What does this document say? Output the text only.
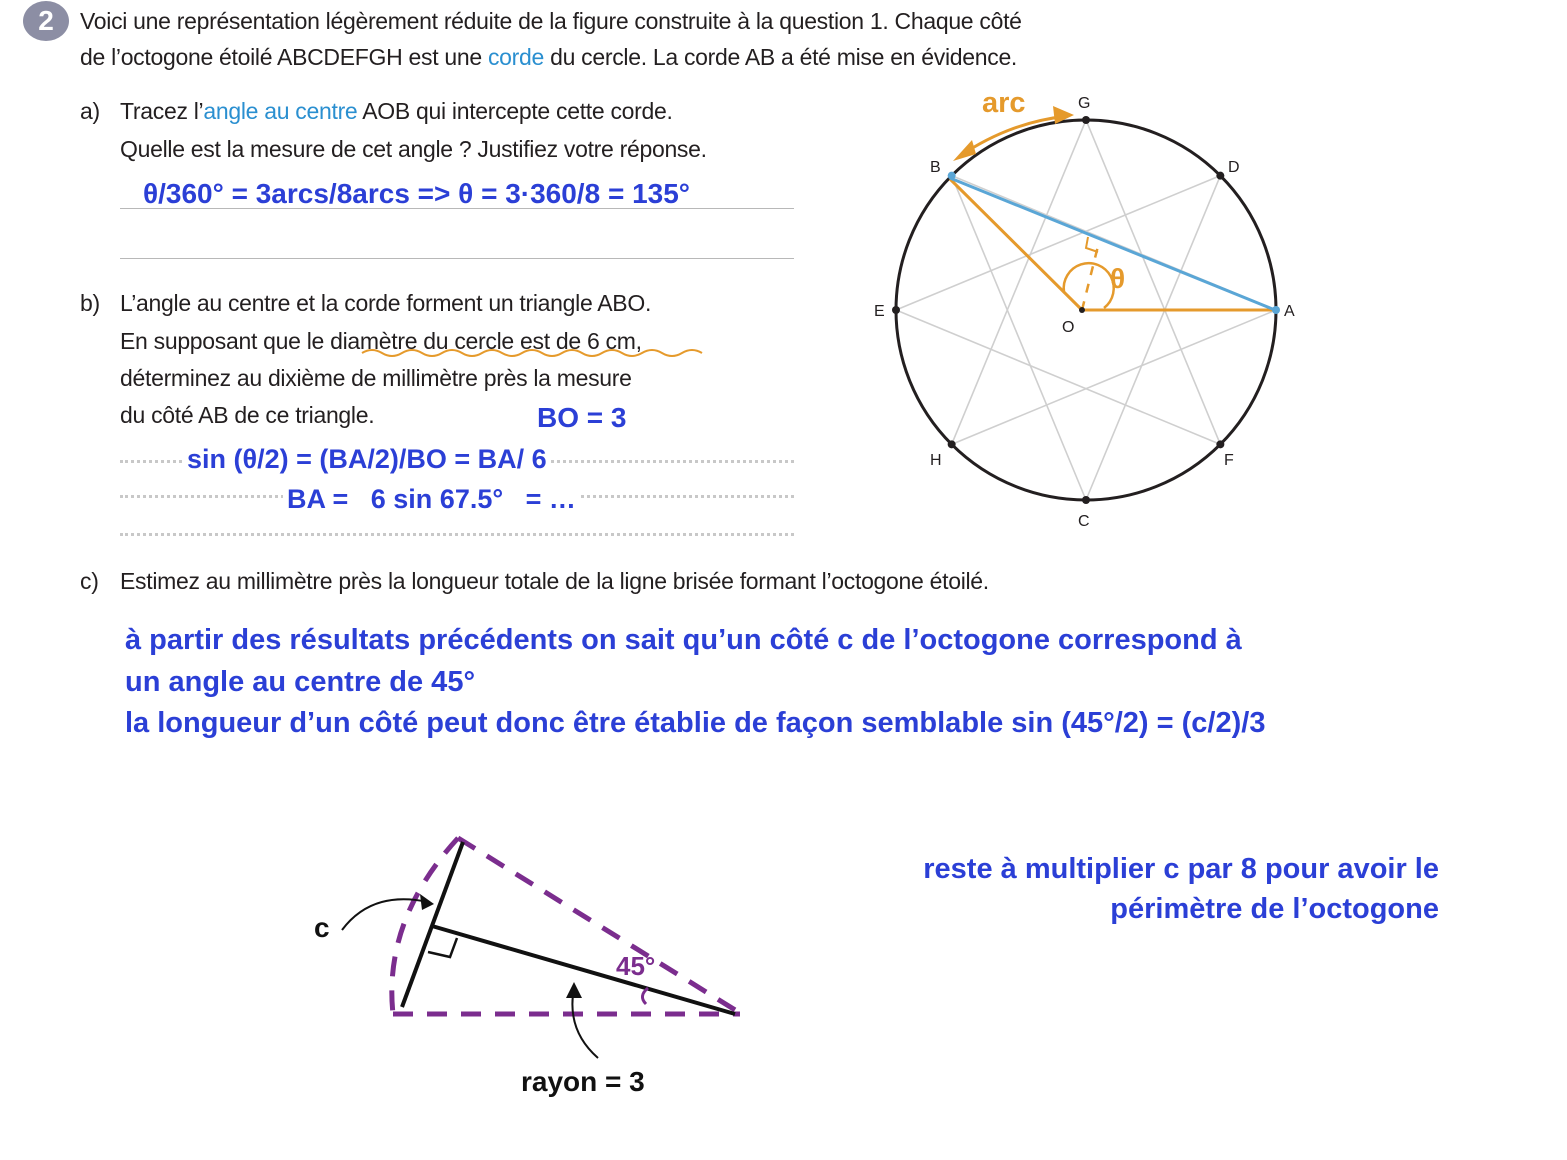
2	Voici une représentation légèrement réduite de la figure construite à la question 1. Chaque côté
de l’octogone étoilé ABCDEFGH est une corde du cercle. La corde AB a été mise en évidence.
a) Tracez l’angle au centre AOB qui intercepte cette corde.
Quelle est la mesure de cet angle ? Justifiez votre réponse.
θ/360° = 3arcs/8arcs => θ = 3·360/8 = 135°
b) L’angle au centre et la corde forment un triangle ABO.
En supposant que le diamètre du cercle est de 6 cm,
déterminez au dixième de millimètre près la mesure
du côté AB de ce triangle.	BO = 3
sin (θ/2) = (BA/2)/BO = BA/ 6
BA =   6 sin 67.5°   = …
A
B
C
D
E
F
G
H
O
arc
θ
c) Estimez au millimètre près la longueur totale de la ligne brisée formant l’octogone étoilé.
à partir des résultats précédents on sait qu’un côté c de l’octogone correspond à
un angle au centre de 45°
la longueur d’un côté peut donc être établie de façon semblable sin (45°/2) = (c/2)/3
c
45°
rayon = 3
reste à multiplier c par 8 pour avoir le
périmètre de l’octogone
